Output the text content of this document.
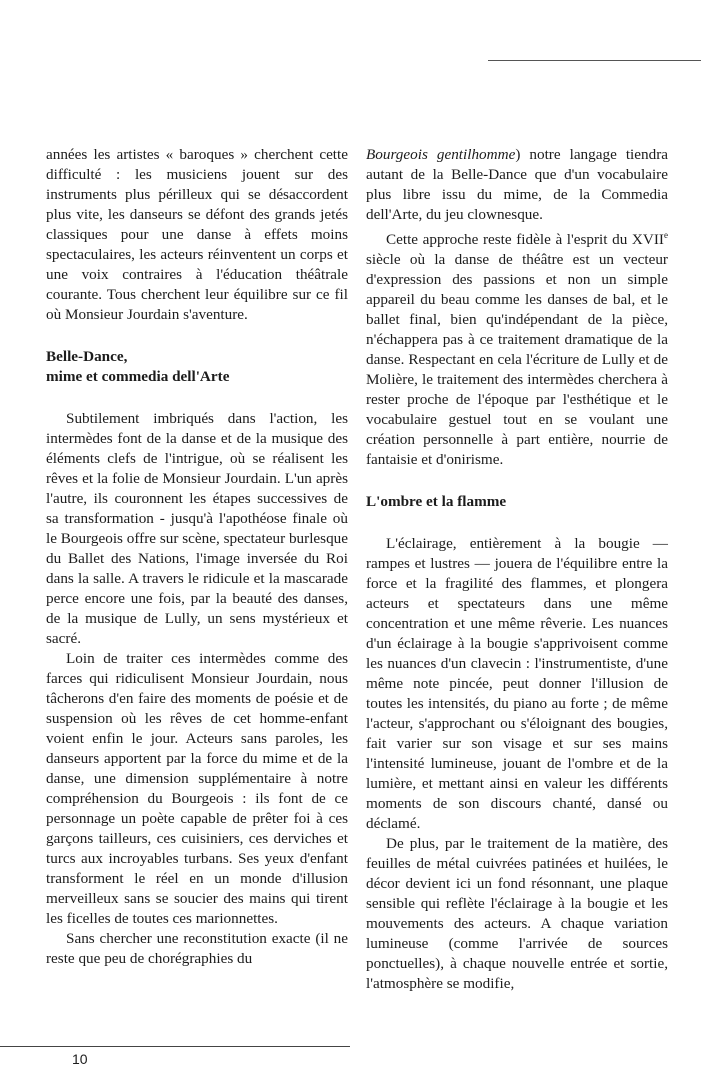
années les artistes « baroques » cherchent cette difficulté : les musiciens jouent sur des instruments plus périlleux qui se désaccordent plus vite, les danseurs se défont des grands jetés classiques pour une danse à effets moins spectaculaires, les acteurs réinventent un corps et une voix contraires à l'éducation théâtrale courante. Tous cherchent leur équilibre sur ce fil où Monsieur Jourdain s'aventure.

Belle-Dance,

mime et commedia dell'Arte

Subtilement imbriqués dans l'action, les intermèdes font de la danse et de la musique des éléments clefs de l'intrigue, où se réalisent les rêves et la folie de Monsieur Jourdain. L'un après l'autre, ils couronnent les étapes successives de sa transformation - jusqu'à l'apothéose finale où le Bourgeois offre sur scène, spectateur burlesque du Ballet des Nations, l'image inversée du Roi dans la salle. A travers le ridicule et la mascarade perce encore une fois, par la beauté des danses, de la musique de Lully, un sens mystérieux et sacré.

Loin de traiter ces intermèdes comme des farces qui ridiculisent Monsieur Jourdain, nous tâcherons d'en faire des moments de poésie et de suspension où les rêves de cet homme-enfant voient enfin le jour. Acteurs sans paroles, les danseurs apportent par la force du mime et de la danse, une dimension supplémentaire à notre compréhension du Bourgeois : ils font de ce personnage un poète capable de prêter foi à ces garçons tailleurs, ces cuisiniers, ces derviches et turcs aux incroyables turbans. Ses yeux d'enfant transforment le réel en un monde d'illusion merveilleux sans se soucier des mains qui tirent les ficelles de toutes ces marionnettes.

Sans chercher une reconstitution exacte (il ne reste que peu de chorégraphies du

Bourgeois gentilhomme) notre langage tiendra autant de la Belle-Dance que d'un vocabulaire plus libre issu du mime, de la Commedia dell'Arte, du jeu clownesque.

Cette approche reste fidèle à l'esprit du XVIIe siècle où la danse de théâtre est un vecteur d'expression des passions et non un simple appareil du beau comme les danses de bal, et le ballet final, bien qu'indépendant de la pièce, n'échappera pas à ce traitement dramatique de la danse. Respectant en cela l'écriture de Lully et de Molière, le traitement des intermèdes cherchera à rester proche de l'époque par l'esthétique et le vocabulaire gestuel tout en se voulant une création personnelle à part entière, nourrie de fantaisie et d'onirisme.

L'ombre et la flamme

L'éclairage, entièrement à la bougie — rampes et lustres — jouera de l'équilibre entre la force et la fragilité des flammes, et plongera acteurs et spectateurs dans une même concentration et une même rêverie. Les nuances d'un éclairage à la bougie s'apprivoisent comme les nuances d'un clavecin : l'instrumentiste, d'une même note pincée, peut donner l'illusion de toutes les intensités, du piano au forte ; de même l'acteur, s'approchant ou s'éloignant des bougies, fait varier sur son visage et sur ses mains l'intensité lumineuse, jouant de l'ombre et de la lumière, et mettant ainsi en valeur les différents moments de son discours chanté, dansé ou déclamé.

De plus, par le traitement de la matière, des feuilles de métal cuivrées patinées et huilées, le décor devient ici un fond résonnant, une plaque sensible qui reflète l'éclairage à la bougie et les mouvements des acteurs. A chaque variation lumineuse (comme l'arrivée de sources ponctuelles), à chaque nouvelle entrée et sortie, l'atmosphère se modifie,

10
